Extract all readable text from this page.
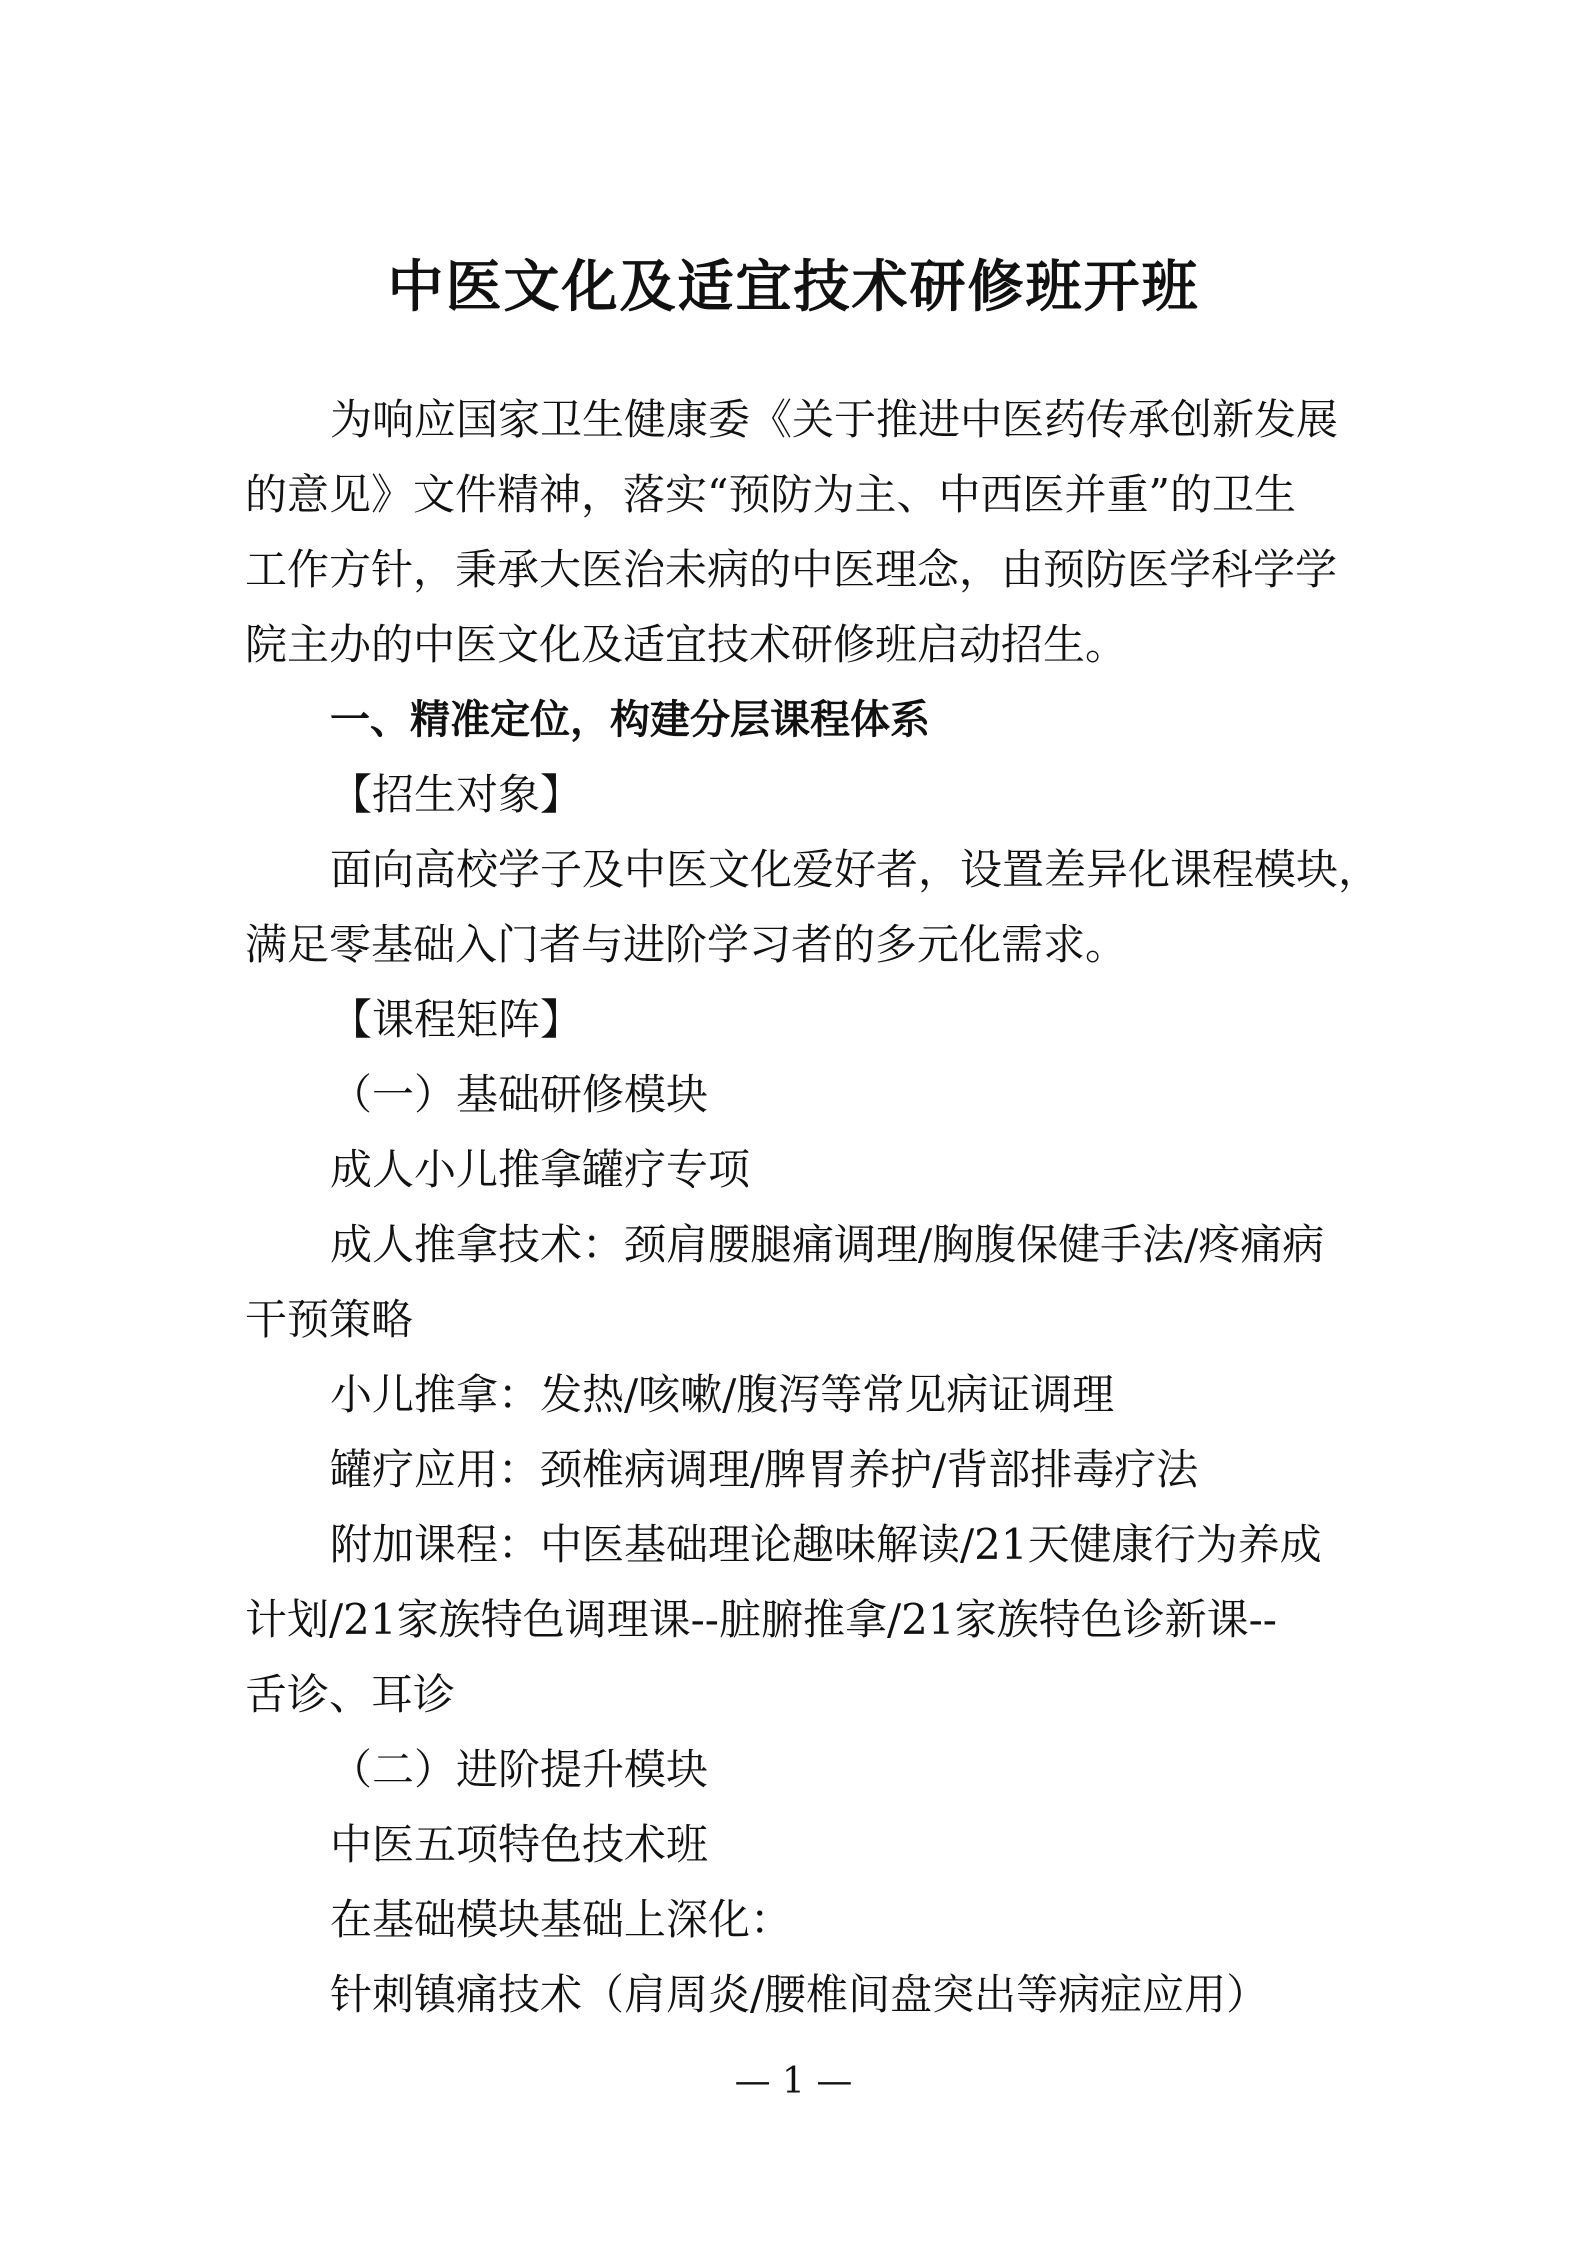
中医文化及适宜技术研修班开班
为响应国家卫生健康委《关于推进中医药传承创新发展
的意见》文件精神，落实“预防为主、中西医并重”的卫生
工作方针，秉承大医治未病的中医理念，由预防医学科学学
院主办的中医文化及适宜技术研修班启动招生。
一、精准定位，构建分层课程体系
【招生对象】
面向高校学子及中医文化爱好者，设置差异化课程模块，
满足零基础入门者与进阶学习者的多元化需求。
【课程矩阵】
（一）基础研修模块
成人小儿推拿罐疗专项
成人推拿技术：颈肩腰腿痛调理/胸腹保健手法/疼痛病
干预策略
小儿推拿：发热/咳嗽/腹泻等常见病证调理
罐疗应用：颈椎病调理/脾胃养护/背部排毒疗法
附加课程：中医基础理论趣味解读/21天健康行为养成
计划/21家族特色调理课--脏腑推拿/21家族特色诊新课--
舌诊、耳诊
（二）进阶提升模块
中医五项特色技术班
在基础模块基础上深化：
针刺镇痛技术（肩周炎/腰椎间盘突出等病症应用）
— 1 —
